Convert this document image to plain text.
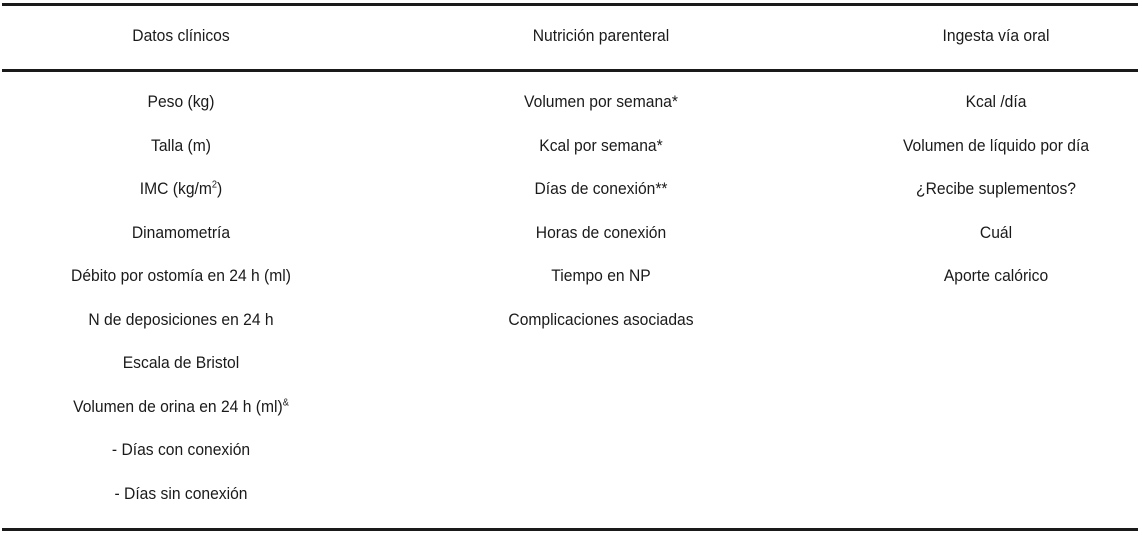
Datos clínicos	Nutrición parenteral	Ingesta vía oral
Peso (kg)
Talla (m)
IMC $(kg/m^2)$
Dinamometría
Débito por ostomía en 24 h (ml)
N de deposiciones en 24 h
Escala de Bristol
Volumen de orina en 24 h (ml)&
- Días con conexión
- Días sin conexión
Volumen por semana*
Kcal por semana*
Días de conexión**
Horas de conexión
Tiempo en NP
Complicaciones asociadas
Kcal /día
Volumen de líquido por día
¿Recibe suplementos?
Cuál
Aporte calórico
